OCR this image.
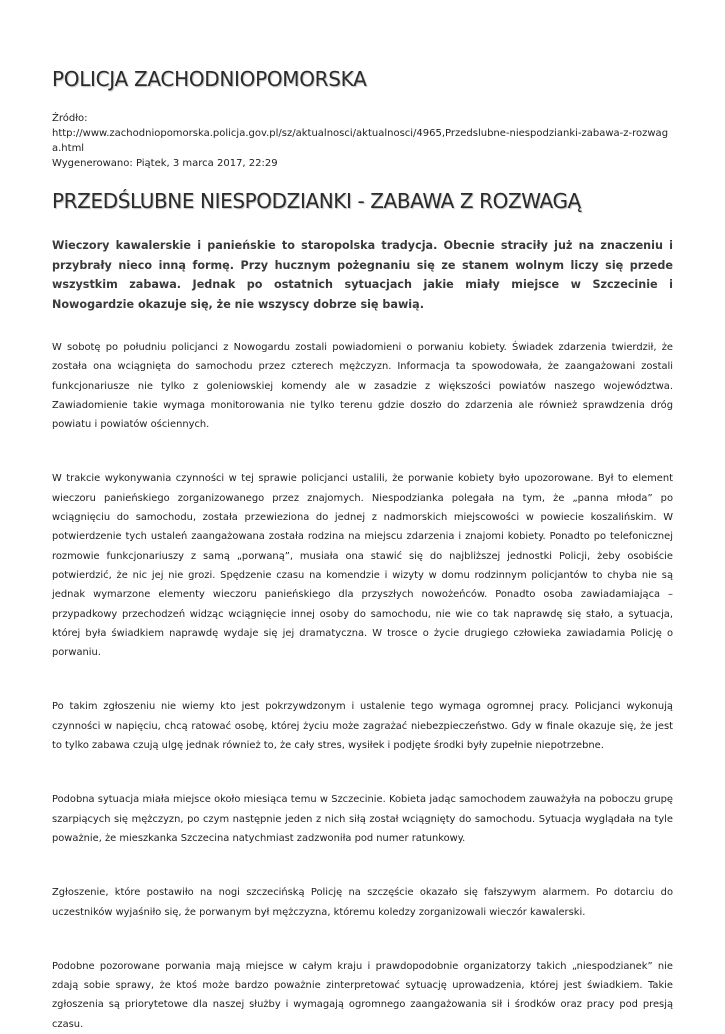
POLICJA ZACHODNIOPOMORSKA
Źródło:
http://www.zachodniopomorska.policja.gov.pl/sz/aktualnosci/aktualnosci/4965,Przedslubne-niespodzianki-zabawa-z-rozwaga.html
Wygenerowano: Piątek, 3 marca 2017, 22:29
PRZEDŚLUBNE NIESPODZIANKI - ZABAWA Z ROZWAGĄ

Wieczory kawalerskie i panieńskie to staropolska tradycja. Obecnie straciły już na znaczeniu i przybrały nieco inną formę. Przy hucznym pożegnaniu się ze stanem wolnym liczy się przede wszystkim zabawa. Jednak po ostatnich sytuacjach jakie miały miejsce w Szczecinie i Nowogardzie okazuje się, że nie wszyscy dobrze się bawią.

W sobotę po południu policjanci z Nowogardu zostali powiadomieni o porwaniu kobiety. Świadek zdarzenia twierdził, że została ona wciągnięta do samochodu przez czterech mężczyzn. Informacja ta spowodowała, że zaangażowani zostali funkcjonariusze nie tylko z goleniowskiej komendy ale w zasadzie z większości powiatów naszego województwa. Zawiadomienie takie wymaga monitorowania nie tylko terenu gdzie doszło do zdarzenia ale również sprawdzenia dróg powiatu i powiatów ościennych.

W trakcie wykonywania czynności w tej sprawie policjanci ustalili, że porwanie kobiety było upozorowane. Był to element wieczoru panieńskiego zorganizowanego przez znajomych. Niespodzianka polegała na tym, że „panna młoda” po wciągnięciu do samochodu, została przewieziona do jednej z nadmorskich miejscowości w powiecie koszalińskim. W potwierdzenie tych ustaleń zaangażowana została rodzina na miejscu zdarzenia i znajomi kobiety. Ponadto po telefonicznej rozmowie funkcjonariuszy z samą „porwaną”, musiała ona stawić się do najbliższej jednostki Policji, żeby osobiście potwierdzić, że nic jej nie grozi. Spędzenie czasu na komendzie i wizyty w domu rodzinnym policjantów to chyba nie są jednak wymarzone elementy wieczoru panieńskiego dla przyszłych nowożeńców. Ponadto osoba zawiadamiająca – przypadkowy przechodzeń widząc wciągnięcie innej osoby do samochodu, nie wie co tak naprawdę się stało, a sytuacja, której była świadkiem naprawdę wydaje się jej dramatyczna. W trosce o życie drugiego człowieka zawiadamia Policję o porwaniu.

Po takim zgłoszeniu nie wiemy kto jest pokrzywdzonym i ustalenie tego wymaga ogromnej pracy. Policjanci wykonują czynności w napięciu, chcą ratować osobę, której życiu może zagrażać niebezpieczeństwo. Gdy w finale okazuje się, że jest to tylko zabawa czują ulgę jednak również to, że cały stres, wysiłek i podjęte środki były zupełnie niepotrzebne.

Podobna sytuacja miała miejsce około miesiąca temu w Szczecinie. Kobieta jadąc samochodem zauważyła na poboczu grupę szarpiących się mężczyzn, po czym następnie jeden z nich siłą został wciągnięty do samochodu. Sytuacja wyglądała na tyle poważnie, że mieszkanka Szczecina natychmiast zadzwoniła pod numer ratunkowy.

Zgłoszenie, które postawiło na nogi szczecińską Policję na szczęście okazało się fałszywym alarmem. Po dotarciu do uczestników wyjaśniło się, że porwanym był mężczyzna, któremu koledzy zorganizowali wieczór kawalerski.

Podobne pozorowane porwania mają miejsce w całym kraju i prawdopodobnie organizatorzy takich „niespodzianek” nie zdają sobie sprawy, że ktoś może bardzo poważnie zinterpretować sytuację uprowadzenia, której jest świadkiem. Takie zgłoszenia są priorytetowe dla naszej służby i wymagają ogromnego zaangażowania sił i środków oraz pracy pod presją czasu.
